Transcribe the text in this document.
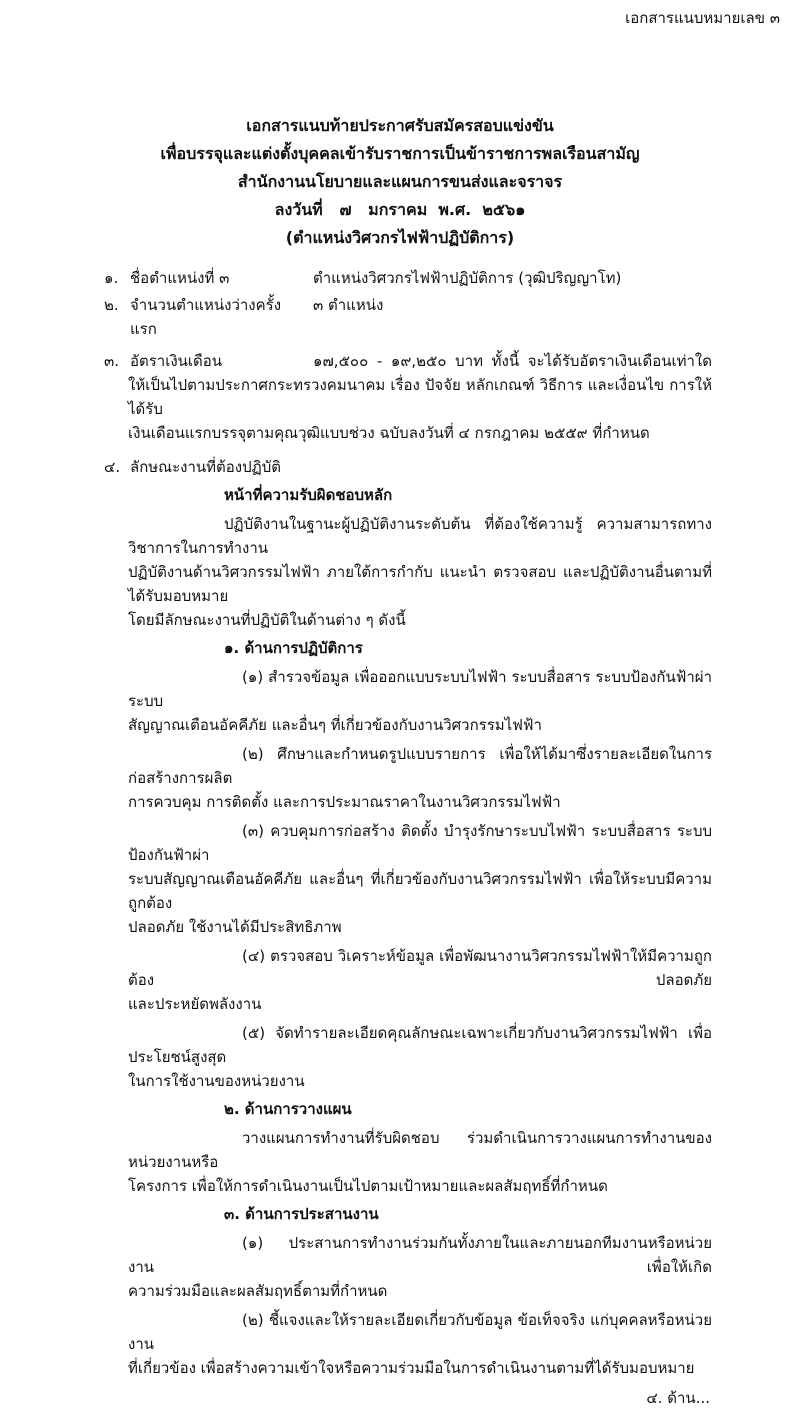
เอกสารแนบหมายเลข ๓
เอกสารแนบท้ายประกาศรับสมัครสอบแข่งขัน
เพื่อบรรจุและแต่งตั้งบุคคลเข้ารับราชการเป็นข้าราชการพลเรือนสามัญ
สำนักงานนโยบายและแผนการขนส่งและจราจร
ลงวันที่   ๗   มกราคม  พ.ศ.  ๒๕๖๑
(ตำแหน่งวิศวกรไฟฟ้าปฏิบัติการ)
๑. ชื่อตำแหน่งที่ ๓	ตำแหน่งวิศวกรไฟฟ้าปฏิบัติการ (วุฒิปริญญาโท)
๒. จำนวนตำแหน่งว่างครั้งแรก
๓ ตำแหน่ง
๓. อัตราเงินเดือน	๑๗,๕๐๐ - ๑๙,๒๕๐ บาท ทั้งนี้ จะได้รับอัตราเงินเดือนเท่าใด
ให้เป็นไปตามประกาศกระทรวงคมนาคม เรื่อง ปัจจัย หลักเกณฑ์ วิธีการ และเงื่อนไข การให้ได้รับ
เงินเดือนแรกบรรจุตามคุณวุฒิแบบช่วง ฉบับลงวันที่ ๔ กรกฎาคม ๒๕๕๙ ที่กำหนด
๔. ลักษณะงานที่ต้องปฏิบัติ
หน้าที่ความรับผิดชอบหลัก
ปฏิบัติงานในฐานะผู้ปฏิบัติงานระดับต้น ที่ต้องใช้ความรู้ ความสามารถทางวิชาการในการทำงาน
ปฏิบัติงานด้านวิศวกรรมไฟฟ้า ภายใต้การกำกับ แนะนำ ตรวจสอบ และปฏิบัติงานอื่นตามที่ได้รับมอบหมาย
โดยมีลักษณะงานที่ปฏิบัติในด้านต่าง ๆ ดังนี้
๑. ด้านการปฏิบัติการ
(๑) สำรวจข้อมูล เพื่อออกแบบระบบไฟฟ้า ระบบสื่อสาร ระบบป้องกันฟ้าผ่า ระบบ
สัญญาณเตือนอัคคีภัย และอื่นๆ ที่เกี่ยวข้องกับงานวิศวกรรมไฟฟ้า
(๒) ศึกษาและกำหนดรูปแบบรายการ เพื่อให้ได้มาซึ่งรายละเอียดในการก่อสร้างการผลิต
การควบคุม การติดตั้ง และการประมาณราคาในงานวิศวกรรมไฟฟ้า
(๓) ควบคุมการก่อสร้าง ติดตั้ง บำรุงรักษาระบบไฟฟ้า ระบบสื่อสาร ระบบป้องกันฟ้าผ่า
ระบบสัญญาณเตือนอัคคีภัย และอื่นๆ ที่เกี่ยวข้องกับงานวิศวกรรมไฟฟ้า เพื่อให้ระบบมีความถูกต้อง
ปลอดภัย ใช้งานได้มีประสิทธิภาพ
(๔) ตรวจสอบ วิเคราะห์ข้อมูล เพื่อพัฒนางานวิศวกรรมไฟฟ้าให้มีความถูกต้อง ปลอดภัย
และประหยัดพลังงาน
(๕) จัดทำรายละเอียดคุณลักษณะเฉพาะเกี่ยวกับงานวิศวกรรมไฟฟ้า เพื่อประโยชน์สูงสุด
ในการใช้งานของหน่วยงาน
๒. ด้านการวางแผน
วางแผนการทำงานที่รับผิดชอบ ร่วมดำเนินการวางแผนการทำงานของหน่วยงานหรือ
โครงการ เพื่อให้การดำเนินงานเป็นไปตามเป้าหมายและผลสัมฤทธิ์ที่กำหนด
๓. ด้านการประสานงาน
(๑) ประสานการทำงานร่วมกันทั้งภายในและภายนอกทีมงานหรือหน่วยงาน เพื่อให้เกิด
ความร่วมมือและผลสัมฤทธิ์ตามที่กำหนด
(๒) ชี้แจงและให้รายละเอียดเกี่ยวกับข้อมูล ข้อเท็จจริง แก่บุคคลหรือหน่วยงาน
ที่เกี่ยวข้อง เพื่อสร้างความเข้าใจหรือความร่วมมือในการดำเนินงานตามที่ได้รับมอบหมาย
๔. ด้าน...
